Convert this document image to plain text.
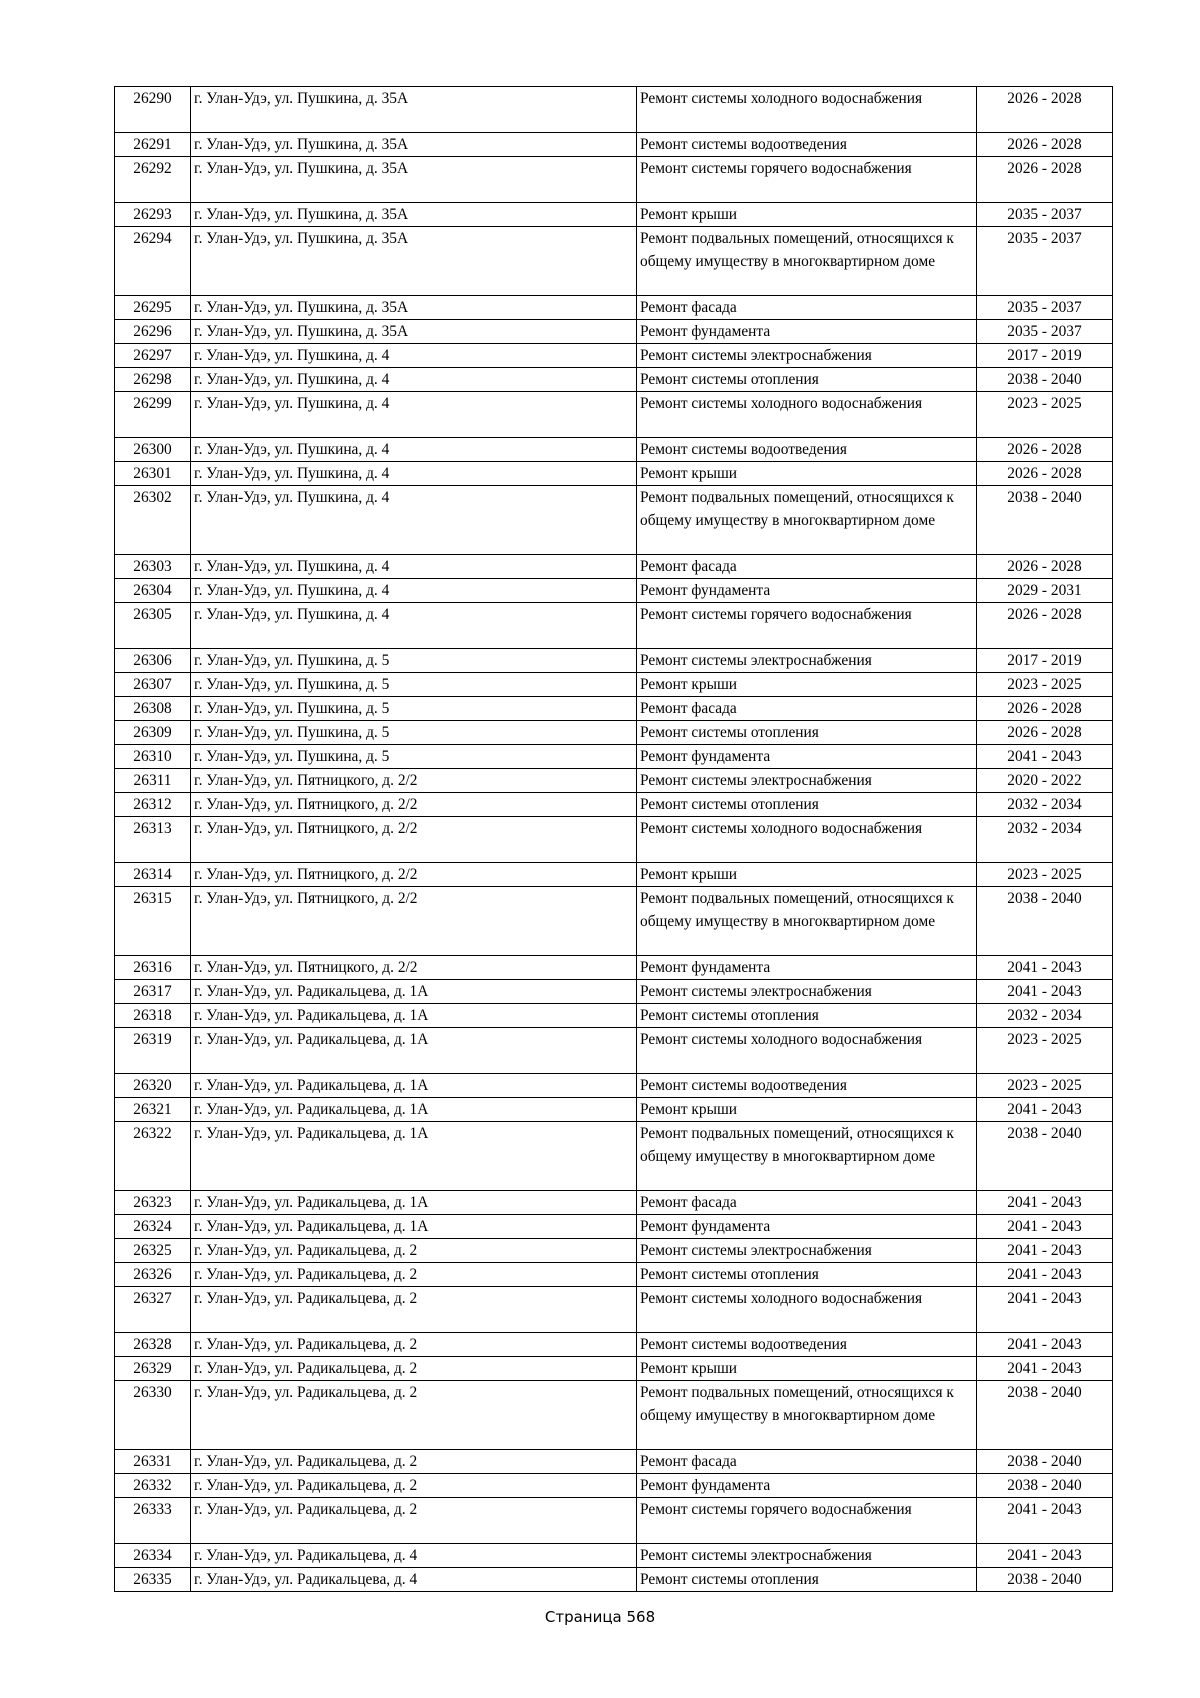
26290	г. Улан-Удэ, ул. Пушкина, д. 35А	Ремонт системы холодного водоснабжения	2026 - 2028
26291	г. Улан-Удэ, ул. Пушкина, д. 35А	Ремонт системы водоотведения	2026 - 2028
26292	г. Улан-Удэ, ул. Пушкина, д. 35А	Ремонт системы горячего водоснабжения	2026 - 2028
26293	г. Улан-Удэ, ул. Пушкина, д. 35А	Ремонт крыши	2035 - 2037
26294	г. Улан-Удэ, ул. Пушкина, д. 35А	Ремонт подвальных помещений, относящихся к общему имуществу в многоквартирном доме	2035 - 2037
26295	г. Улан-Удэ, ул. Пушкина, д. 35А	Ремонт фасада	2035 - 2037
26296	г. Улан-Удэ, ул. Пушкина, д. 35А	Ремонт фундамента	2035 - 2037
26297	г. Улан-Удэ, ул. Пушкина, д. 4	Ремонт системы электроснабжения	2017 - 2019
26298	г. Улан-Удэ, ул. Пушкина, д. 4	Ремонт системы отопления	2038 - 2040
26299	г. Улан-Удэ, ул. Пушкина, д. 4	Ремонт системы холодного водоснабжения	2023 - 2025
26300	г. Улан-Удэ, ул. Пушкина, д. 4	Ремонт системы водоотведения	2026 - 2028
26301	г. Улан-Удэ, ул. Пушкина, д. 4	Ремонт крыши	2026 - 2028
26302	г. Улан-Удэ, ул. Пушкина, д. 4	Ремонт подвальных помещений, относящихся к общему имуществу в многоквартирном доме	2038 - 2040
26303	г. Улан-Удэ, ул. Пушкина, д. 4	Ремонт фасада	2026 - 2028
26304	г. Улан-Удэ, ул. Пушкина, д. 4	Ремонт фундамента	2029 - 2031
26305	г. Улан-Удэ, ул. Пушкина, д. 4	Ремонт системы горячего водоснабжения	2026 - 2028
26306	г. Улан-Удэ, ул. Пушкина, д. 5	Ремонт системы электроснабжения	2017 - 2019
26307	г. Улан-Удэ, ул. Пушкина, д. 5	Ремонт крыши	2023 - 2025
26308	г. Улан-Удэ, ул. Пушкина, д. 5	Ремонт фасада	2026 - 2028
26309	г. Улан-Удэ, ул. Пушкина, д. 5	Ремонт системы отопления	2026 - 2028
26310	г. Улан-Удэ, ул. Пушкина, д. 5	Ремонт фундамента	2041 - 2043
26311	г. Улан-Удэ, ул. Пятницкого, д. 2/2	Ремонт системы электроснабжения	2020 - 2022
26312	г. Улан-Удэ, ул. Пятницкого, д. 2/2	Ремонт системы отопления	2032 - 2034
26313	г. Улан-Удэ, ул. Пятницкого, д. 2/2	Ремонт системы холодного водоснабжения	2032 - 2034
26314	г. Улан-Удэ, ул. Пятницкого, д. 2/2	Ремонт крыши	2023 - 2025
26315	г. Улан-Удэ, ул. Пятницкого, д. 2/2	Ремонт подвальных помещений, относящихся к общему имуществу в многоквартирном доме	2038 - 2040
26316	г. Улан-Удэ, ул. Пятницкого, д. 2/2	Ремонт фундамента	2041 - 2043
26317	г. Улан-Удэ, ул. Радикальцева, д. 1А	Ремонт системы электроснабжения	2041 - 2043
26318	г. Улан-Удэ, ул. Радикальцева, д. 1А	Ремонт системы отопления	2032 - 2034
26319	г. Улан-Удэ, ул. Радикальцева, д. 1А	Ремонт системы холодного водоснабжения	2023 - 2025
26320	г. Улан-Удэ, ул. Радикальцева, д. 1А	Ремонт системы водоотведения	2023 - 2025
26321	г. Улан-Удэ, ул. Радикальцева, д. 1А	Ремонт крыши	2041 - 2043
26322	г. Улан-Удэ, ул. Радикальцева, д. 1А	Ремонт подвальных помещений, относящихся к общему имуществу в многоквартирном доме	2038 - 2040
26323	г. Улан-Удэ, ул. Радикальцева, д. 1А	Ремонт фасада	2041 - 2043
26324	г. Улан-Удэ, ул. Радикальцева, д. 1А	Ремонт фундамента	2041 - 2043
26325	г. Улан-Удэ, ул. Радикальцева, д. 2	Ремонт системы электроснабжения	2041 - 2043
26326	г. Улан-Удэ, ул. Радикальцева, д. 2	Ремонт системы отопления	2041 - 2043
26327	г. Улан-Удэ, ул. Радикальцева, д. 2	Ремонт системы холодного водоснабжения	2041 - 2043
26328	г. Улан-Удэ, ул. Радикальцева, д. 2	Ремонт системы водоотведения	2041 - 2043
26329	г. Улан-Удэ, ул. Радикальцева, д. 2	Ремонт крыши	2041 - 2043
26330	г. Улан-Удэ, ул. Радикальцева, д. 2	Ремонт подвальных помещений, относящихся к общему имуществу в многоквартирном доме	2038 - 2040
26331	г. Улан-Удэ, ул. Радикальцева, д. 2	Ремонт фасада	2038 - 2040
26332	г. Улан-Удэ, ул. Радикальцева, д. 2	Ремонт фундамента	2038 - 2040
26333	г. Улан-Удэ, ул. Радикальцева, д. 2	Ремонт системы горячего водоснабжения	2041 - 2043
26334	г. Улан-Удэ, ул. Радикальцева, д. 4	Ремонт системы электроснабжения	2041 - 2043
26335	г. Улан-Удэ, ул. Радикальцева, д. 4	Ремонт системы отопления	2038 - 2040
Страница 568
